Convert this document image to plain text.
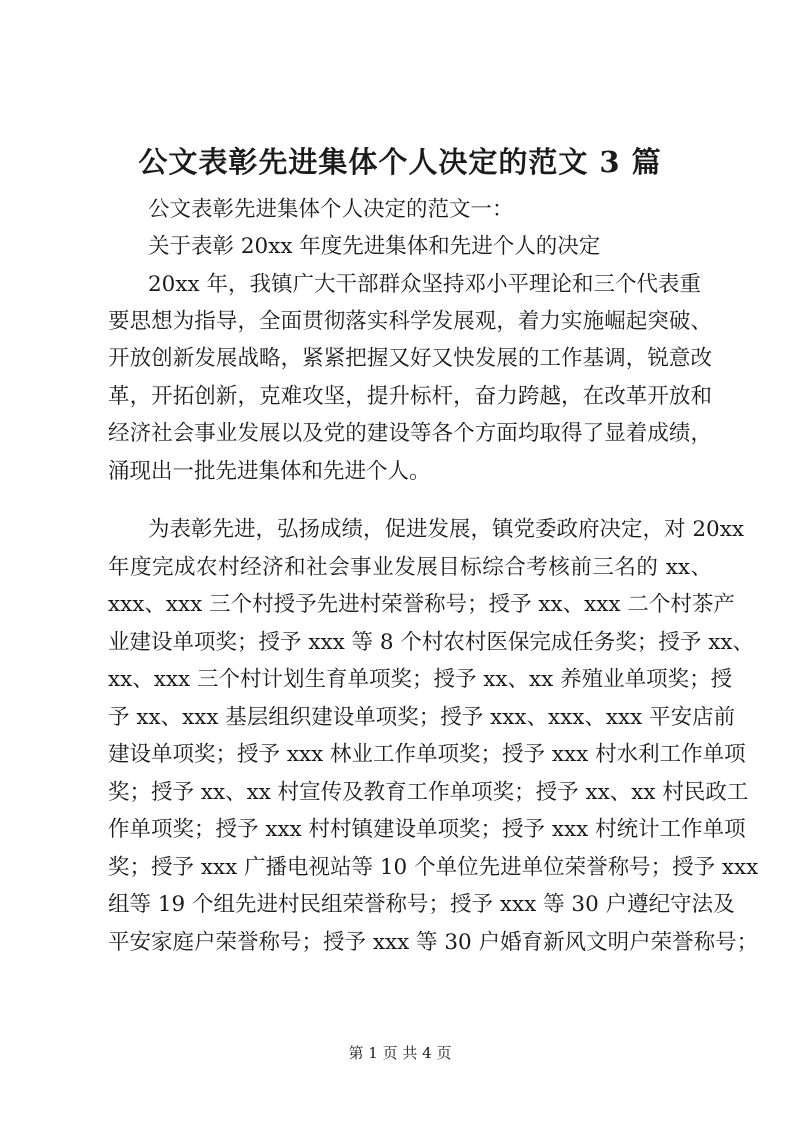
公文表彰先进集体个人决定的范文 3 篇
公文表彰先进集体个人决定的范文一：
关于表彰 20xx 年度先进集体和先进个人的决定
20xx 年，我镇广大干部群众坚持邓小平理论和三个代表重
要思想为指导，全面贯彻落实科学发展观，着力实施崛起突破、
开放创新发展战略，紧紧把握又好又快发展的工作基调，锐意改
革，开拓创新，克难攻坚，提升标杆，奋力跨越，在改革开放和
经济社会事业发展以及党的建设等各个方面均取得了显着成绩，
涌现出一批先进集体和先进个人。
为表彰先进，弘扬成绩，促进发展，镇党委政府决定，对 20xx
年度完成农村经济和社会事业发展目标综合考核前三名的 xx、
xxx、xxx 三个村授予先进村荣誉称号；授予 xx、xxx 二个村茶产
业建设单项奖；授予 xxx 等 8 个村农村医保完成任务奖；授予 xx、
xx、xxx 三个村计划生育单项奖；授予 xx、xx 养殖业单项奖；授
予 xx、xxx 基层组织建设单项奖；授予 xxx、xxx、xxx 平安店前
建设单项奖；授予 xxx 林业工作单项奖；授予 xxx 村水利工作单项
奖；授予 xx、xx 村宣传及教育工作单项奖；授予 xx、xx 村民政工
作单项奖；授予 xxx 村村镇建设单项奖；授予 xxx 村统计工作单项
奖；授予 xxx 广播电视站等 10 个单位先进单位荣誉称号；授予 xxx
组等 19 个组先进村民组荣誉称号；授予 xxx 等 30 户遵纪守法及
平安家庭户荣誉称号；授予 xxx 等 30 户婚育新风文明户荣誉称号；
第 1 页 共 4 页
